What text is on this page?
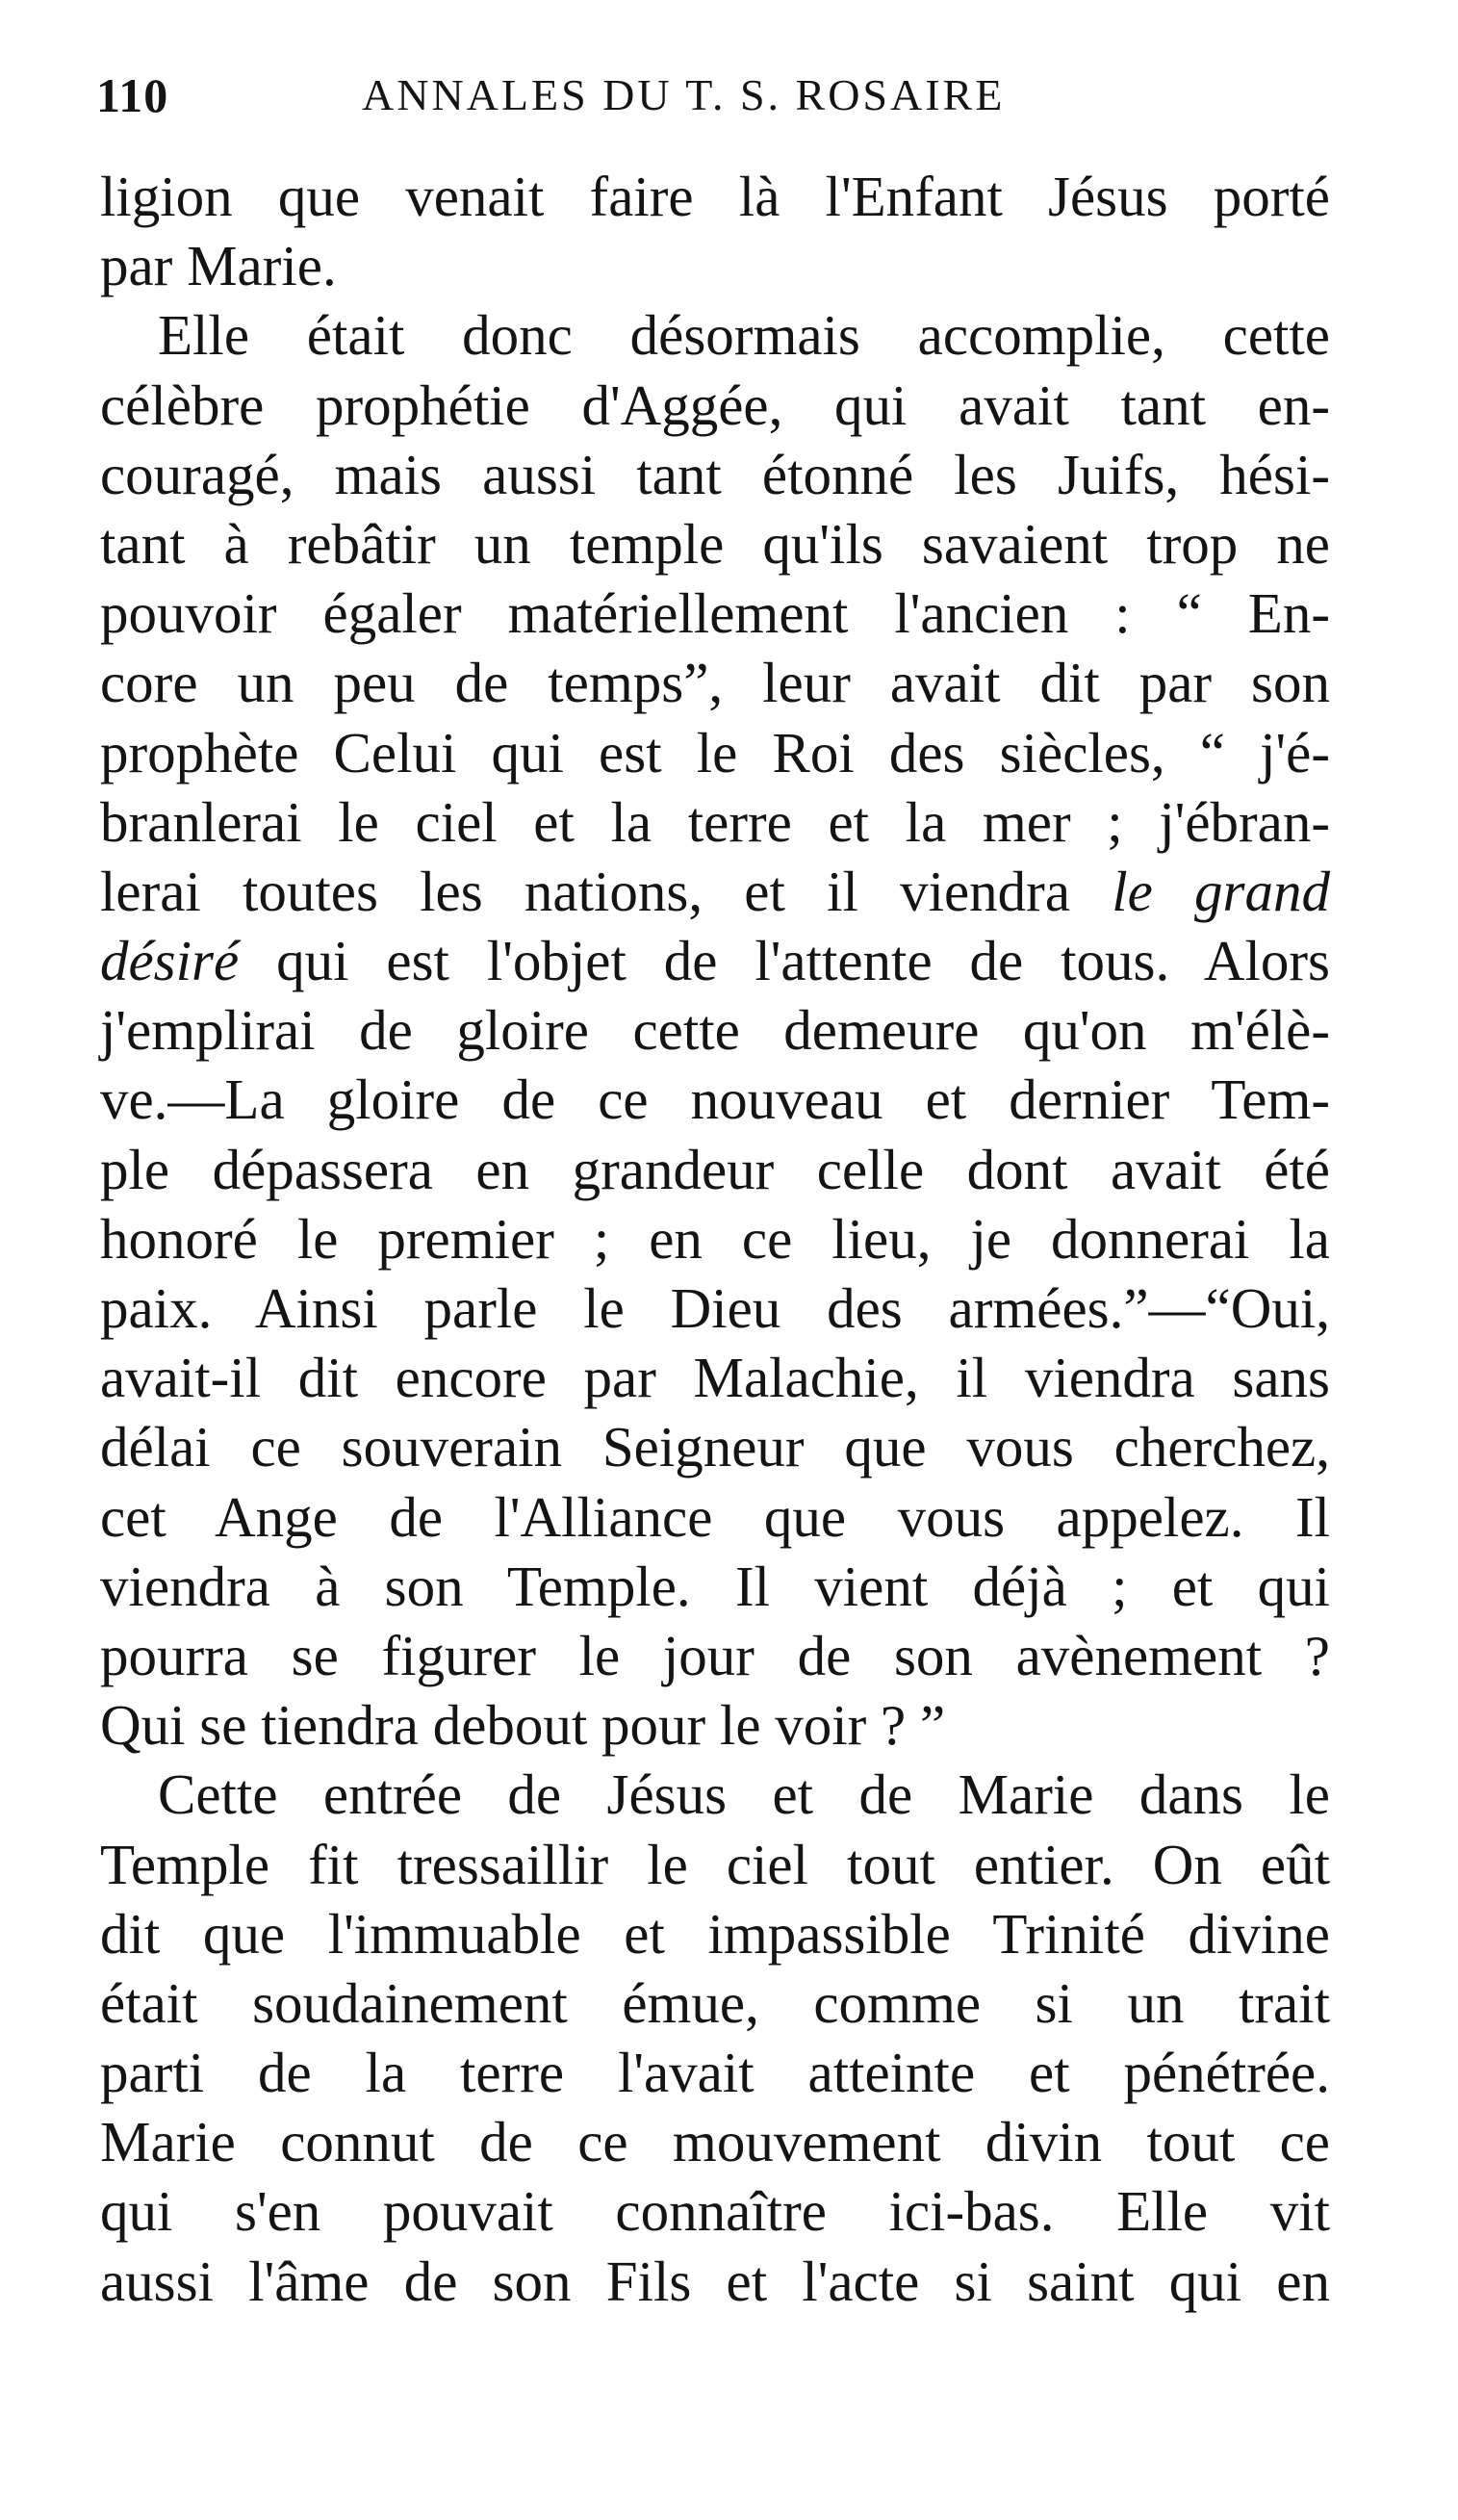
110	ANNALES DU T. S. ROSAIRE
ligion que venait faire là l'Enfant Jésus porté
par Marie.
Elle était donc désormais accomplie, cette
célèbre prophétie d'Aggée, qui avait tant en-
couragé, mais aussi tant étonné les Juifs, hési-
tant à rebâtir un temple qu'ils savaient trop ne
pouvoir égaler matériellement l'ancien : “ En-
core un peu de temps”, leur avait dit par son
prophète Celui qui est le Roi des siècles, “ j'é-
branlerai le ciel et la terre et la mer ; j'ébran-
lerai toutes les nations, et il viendra le grand
désiré qui est l'objet de l'attente de tous. Alors
j'emplirai de gloire cette demeure qu'on m'élè-
ve.—La gloire de ce nouveau et dernier Tem-
ple dépassera en grandeur celle dont avait été
honoré le premier ; en ce lieu, je donnerai la
paix. Ainsi parle le Dieu des armées.”—“Oui,
avait-il dit encore par Malachie, il viendra sans
délai ce souverain Seigneur que vous cherchez,
cet Ange de l'Alliance que vous appelez. Il
viendra à son Temple. Il vient déjà ; et qui
pourra se figurer le jour de son avènement ?
Qui se tiendra debout pour le voir ? ”
Cette entrée de Jésus et de Marie dans le
Temple fit tressaillir le ciel tout entier. On eût
dit que l'immuable et impassible Trinité divine
était soudainement émue, comme si un trait
parti de la terre l'avait atteinte et pénétrée.
Marie connut de ce mouvement divin tout ce
qui s'en pouvait connaître ici-bas. Elle vit
aussi l'âme de son Fils et l'acte si saint qui en
